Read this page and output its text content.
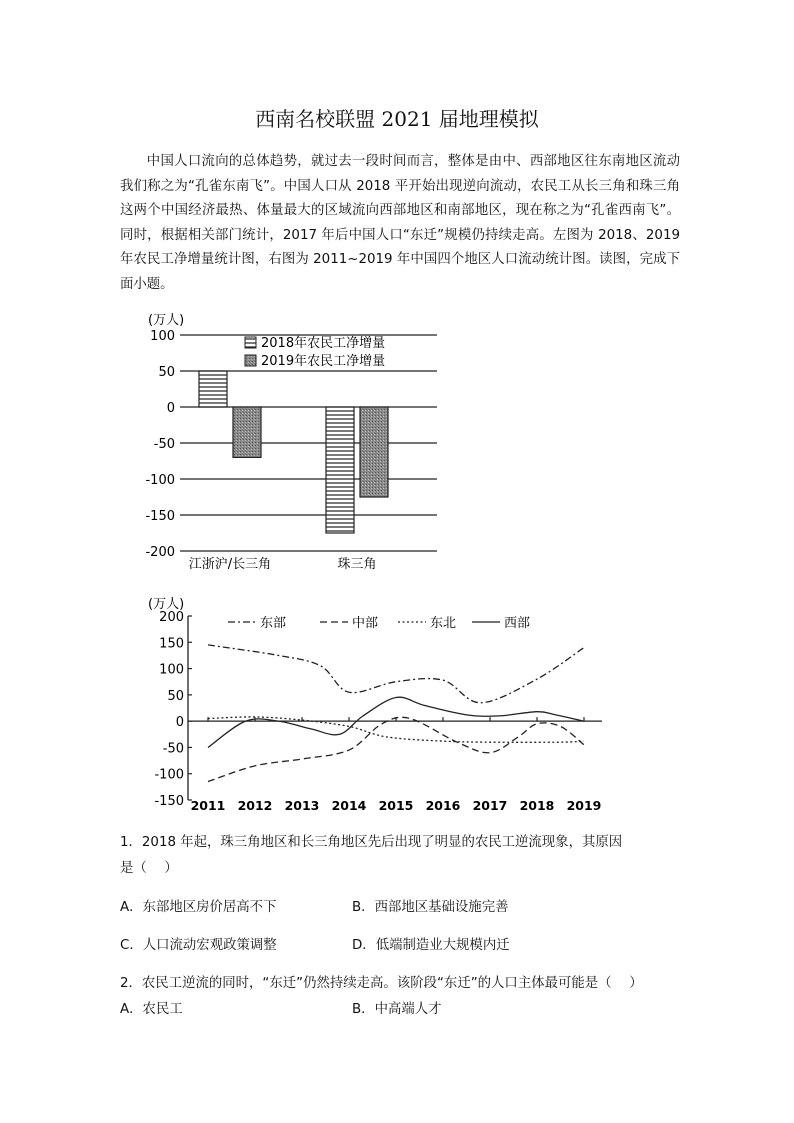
西南名校联盟 2021 届地理模拟
中国人口流向的总体趋势，就过去一段时间而言，整体是由中、西部地区往东南地区流动我们称之为“孔雀东南飞”。中国人口从 2018 平开始出现逆向流动，农民工从长三角和珠三角这两个中国经济最热、体量最大的区域流向西部地区和南部地区，现在称之为“孔雀西南飞”。同时，根据相关部门统计，2017 年后中国人口“东迁”规模仍持续走高。左图为 2018、2019 年农民工净增量统计图，右图为 2011~2019 年中国四个地区人口流动统计图。读图，完成下面小题。
(万人)
100
50
0
-50
-100
-150
-200
2018年农民工净增量
2019年农民工净增量
江浙沪/长三角	珠三角
(万人)
200
150
100
50
0
-50
-100
-150 2011 2012 2013 2014 2015 2016 2017 2018 2019
东部	中部	东北	西部
1．2018 年起，珠三角地区和长三角地区先后出现了明显的农民工逆流现象，其原因
是（　 ）
A．东部地区房价居高不下	B．西部地区基础设施完善
C．人口流动宏观政策调整	D．低端制造业大规模内迁
2．农民工逆流的同时，“东迁”仍然持续走高。该阶段“东迁”的人口主体最可能是（　 ）
A．农民工	B．中高端人才
